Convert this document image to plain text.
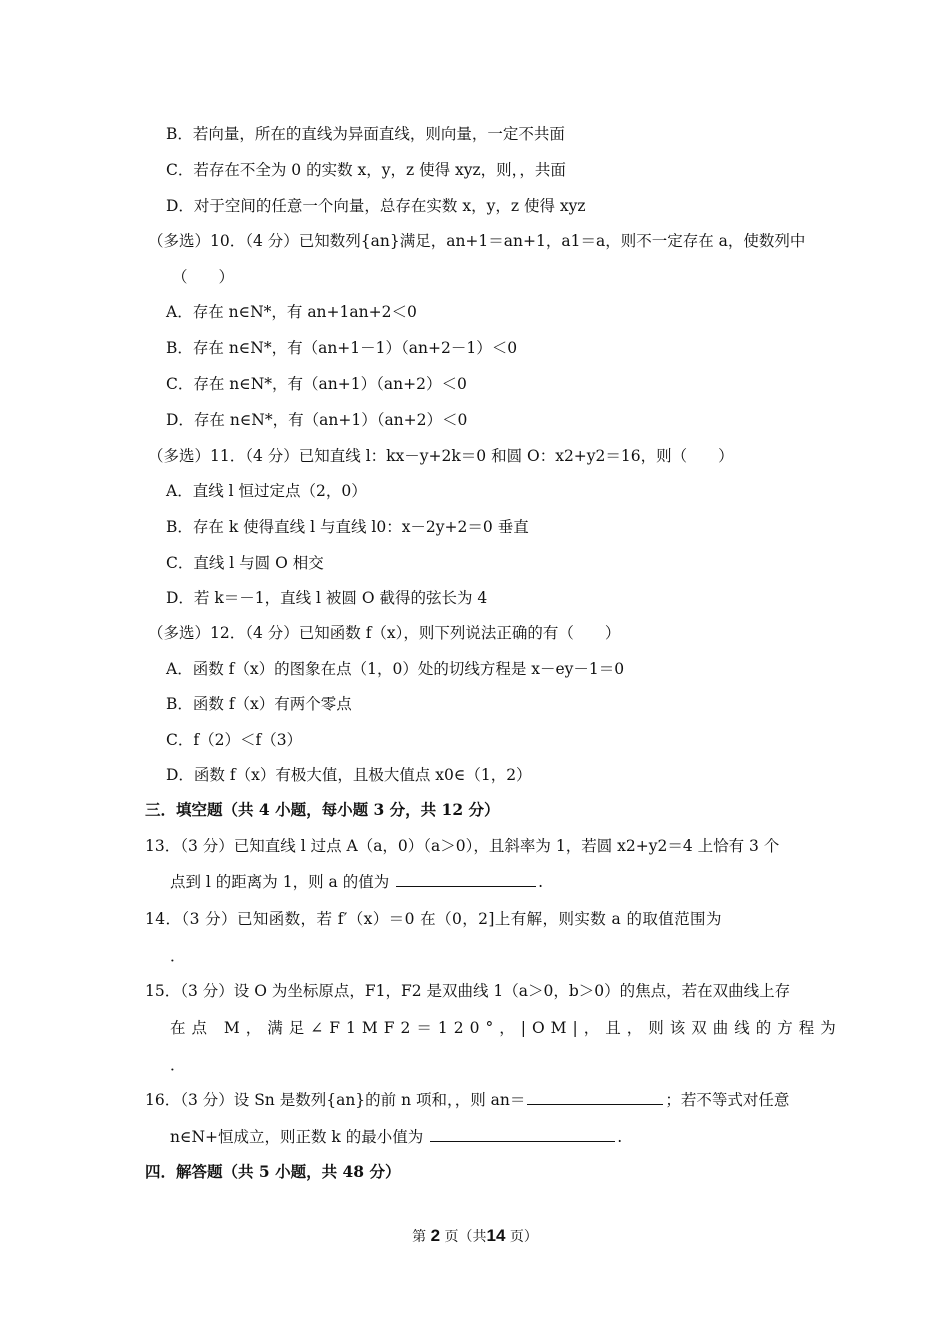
B．若向量，所在的直线为异面直线，则向量，一定不共面
C．若存在不全为 0 的实数 x，y，z 使得 xyz，则，，共面
D．对于空间的任意一个向量，总存在实数 x，y，z 使得 xyz
（多选）10．（4 分）已知数列{an}满足，an+1＝an+1，a1＝a，则不一定存在 a，使数列中
（　　）
A．存在 n∈N*，有 an+1an+2＜0
B．存在 n∈N*，有（an+1－1）（an+2－1）＜0
C．存在 n∈N*，有（an+1）（an+2）＜0
D．存在 n∈N*，有（an+1）（an+2）＜0
（多选）11．（4 分）已知直线 l：kx－y+2k＝0 和圆 O：x2+y2＝16，则（　　）
A．直线 l 恒过定点（2，0）
B．存在 k 使得直线 l 与直线 l0：x－2y+2＝0 垂直
C．直线 l 与圆 O 相交
D．若 k＝－1，直线 l 被圆 O 截得的弦长为 4
（多选）12．（4 分）已知函数 f（x），则下列说法正确的有（　　）
A．函数 f（x）的图象在点（1，0）处的切线方程是 x－ey－1＝0
B．函数 f（x）有两个零点
C．f（2）＜f（3）
D．函数 f（x）有极大值，且极大值点 x0∈（1，2）
三．填空题（共 4 小题，每小题 3 分，共 12 分）
13．（3 分）已知直线 l 过点 A（a，0）（a＞0），且斜率为 1，若圆 x2+y2＝4 上恰有 3 个
点到 l 的距离为 1，则 a 的值为	.
14．（3 分）已知函数，若 f′（x）＝0 在（0，2]上有解，则实数 a 的取值范围为
．
15．（3 分）设 O 为坐标原点，F1，F2 是双曲线 1（a＞0，b＞0）的焦点，若在双曲线上存
在点 M，满足∠F1MF2＝120°，|OM|，且，则该双曲线的方程为
．
16．（3 分）设 Sn 是数列{an}的前 n 项和，，则 an＝	；若不等式对任意
n∈N+恒成立，则正数 k 的最小值为	.
四．解答题（共 5 小题，共 48 分）
第 2 页（共14 页）
